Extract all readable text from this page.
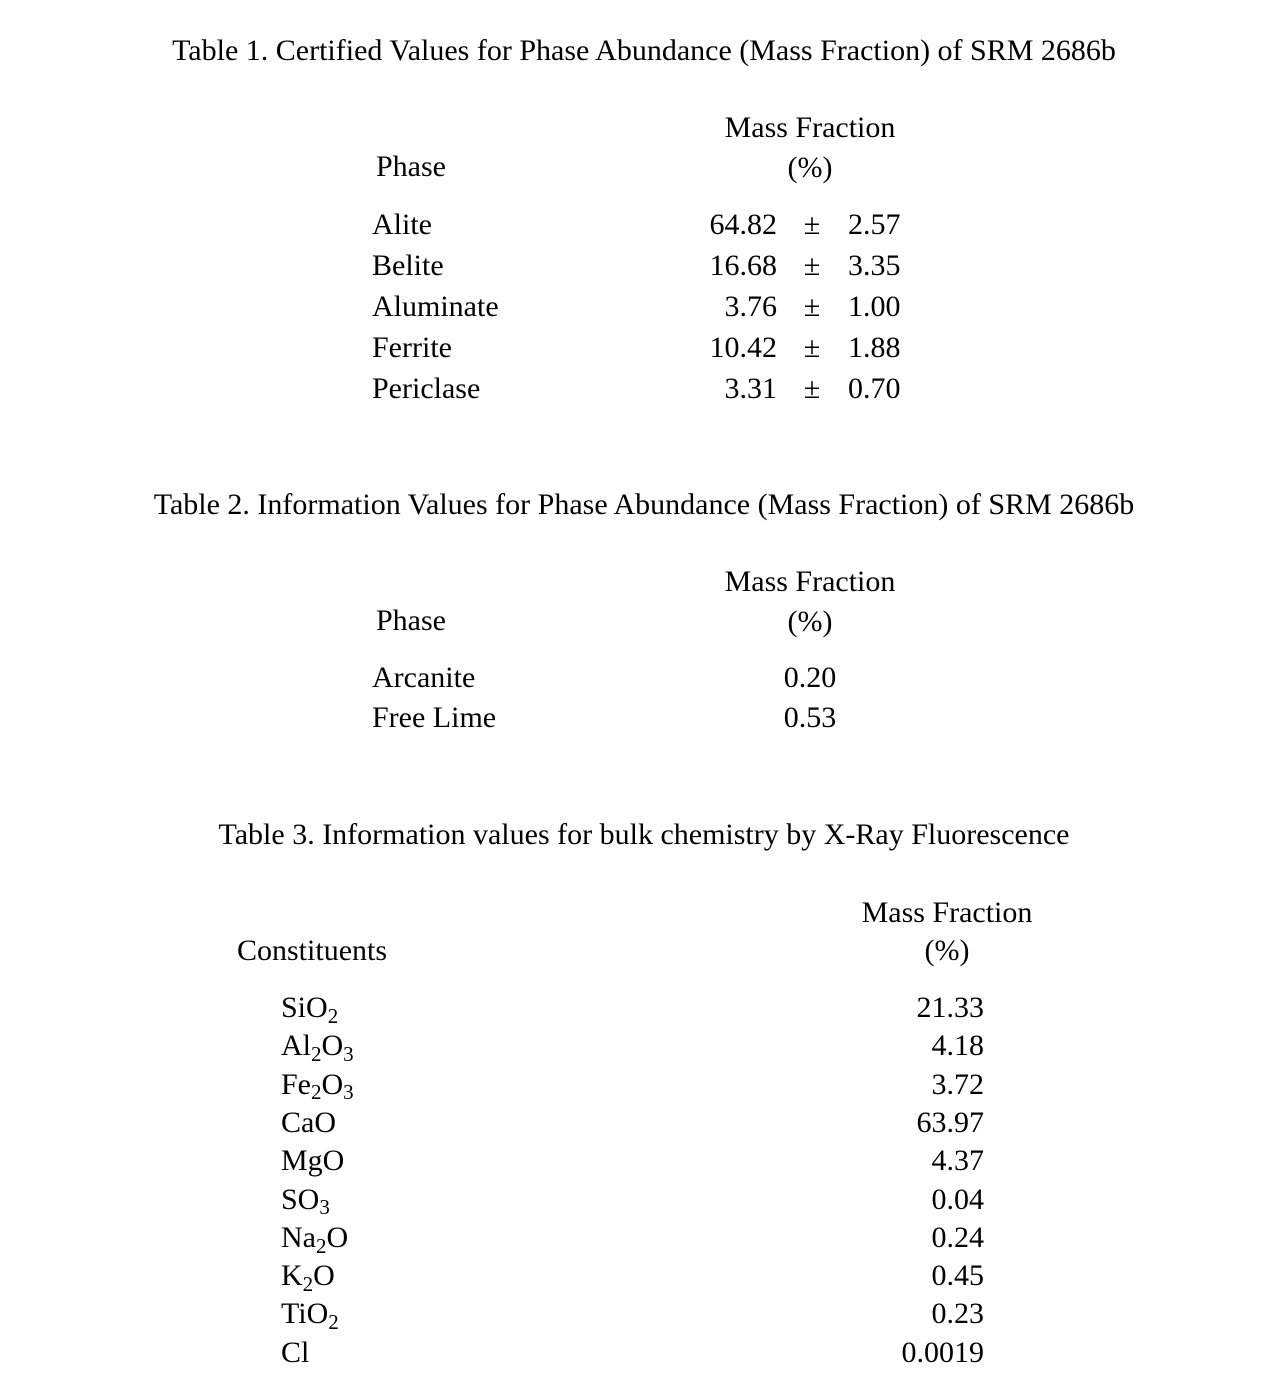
Table 1. Certified Values for Phase Abundance (Mass Fraction) of SRM 2686b
Phase
Mass Fraction
(%)
Alite	64.82 ± 2.57
Belite	16.68 ± 3.35
Aluminate	3.76 ± 1.00
Ferrite	10.42 ± 1.88
Periclase	3.31 ± 0.70
Table 2. Information Values for Phase Abundance (Mass Fraction) of SRM 2686b
Phase
Mass Fraction
(%)
Arcanite	0.20
Free Lime	0.53
Table 3. Information values for bulk chemistry by X-Ray Fluorescence
Constituents
Mass Fraction
(%)
SiO$_2$	21.33
$Al_2O_3$	4.18
$Fe_2O_3$	3.72
CaO	63.97
MgO	4.37
$SO_3$	0.04
$Na_2O$	0.24
$K_2O$	0.45
TiO$_2$	0.23
Cl	0.0019
